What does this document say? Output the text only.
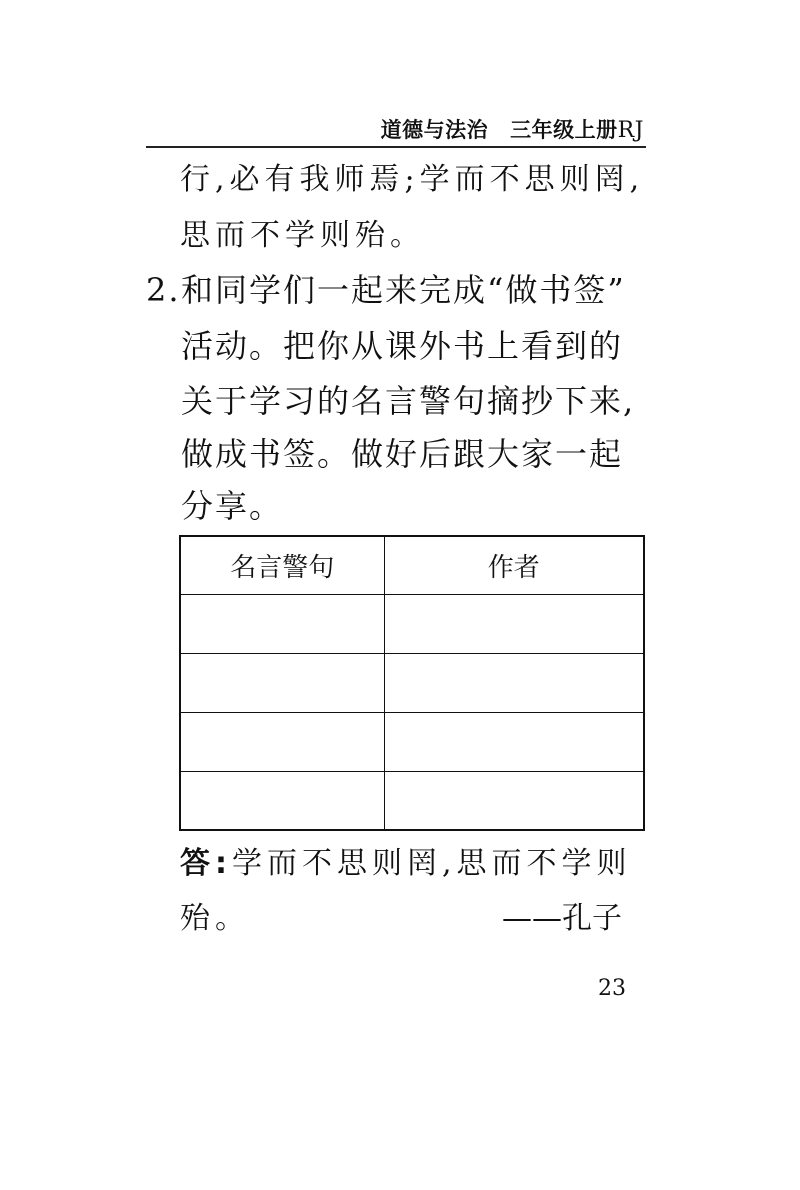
道德与法治 三年级上册RJ
行,必有我师焉;学而不思则罔,
思而不学则殆。
2. 和同学们一起来完成“做书签”
活动。把你从课外书上看到的
关于学习的名言警句摘抄下来,
做成书签。做好后跟大家一起
分享。
名言警句	作者

答:学而不思则罔,思而不学则
殆。	——孔子
23
